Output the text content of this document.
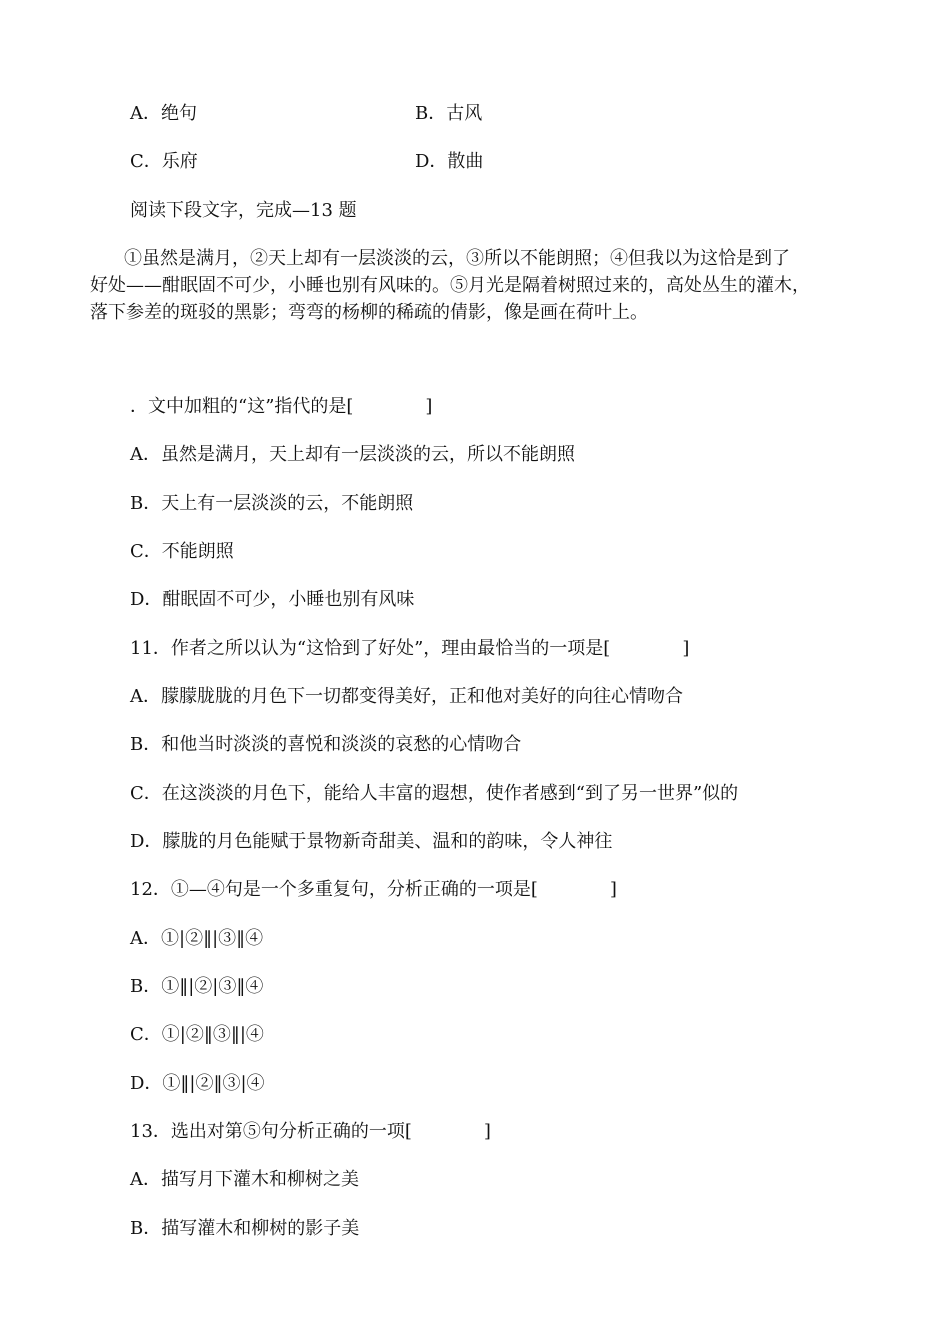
A．绝句	B．古风
C．乐府	D．散曲
阅读下段文字，完成—13 题
①虽然是满月，②天上却有一层淡淡的云，③所以不能朗照；④但我以为这恰是到了
好处——酣眠固不可少，小睡也别有风味的。⑤月光是隔着树照过来的，高处丛生的灌木，
落下参差的斑驳的黑影；弯弯的杨柳的稀疏的倩影，像是画在荷叶上。
．文中加粗的“这”指代的是[　　　　]
A．虽然是满月，天上却有一层淡淡的云，所以不能朗照
B．天上有一层淡淡的云，不能朗照
C．不能朗照
D．酣眠固不可少，小睡也别有风味
11．作者之所以认为“这恰到了好处”，理由最恰当的一项是[　　　　]
A．朦朦胧胧的月色下一切都变得美好，正和他对美好的向往心情吻合
B．和他当时淡淡的喜悦和淡淡的哀愁的心情吻合
C．在这淡淡的月色下，能给人丰富的遐想，使作者感到“到了另一世界”似的
D．朦胧的月色能赋于景物新奇甜美、温和的韵味，令人神往
12．①—④句是一个多重复句，分析正确的一项是[　　　　]
A．①|②‖|③‖④
B．①‖|②|③‖④
C．①|②‖③‖|④
D．①‖|②‖③|④
13．选出对第⑤句分析正确的一项[　　　　]
A．描写月下灌木和柳树之美
B．描写灌木和柳树的影子美
